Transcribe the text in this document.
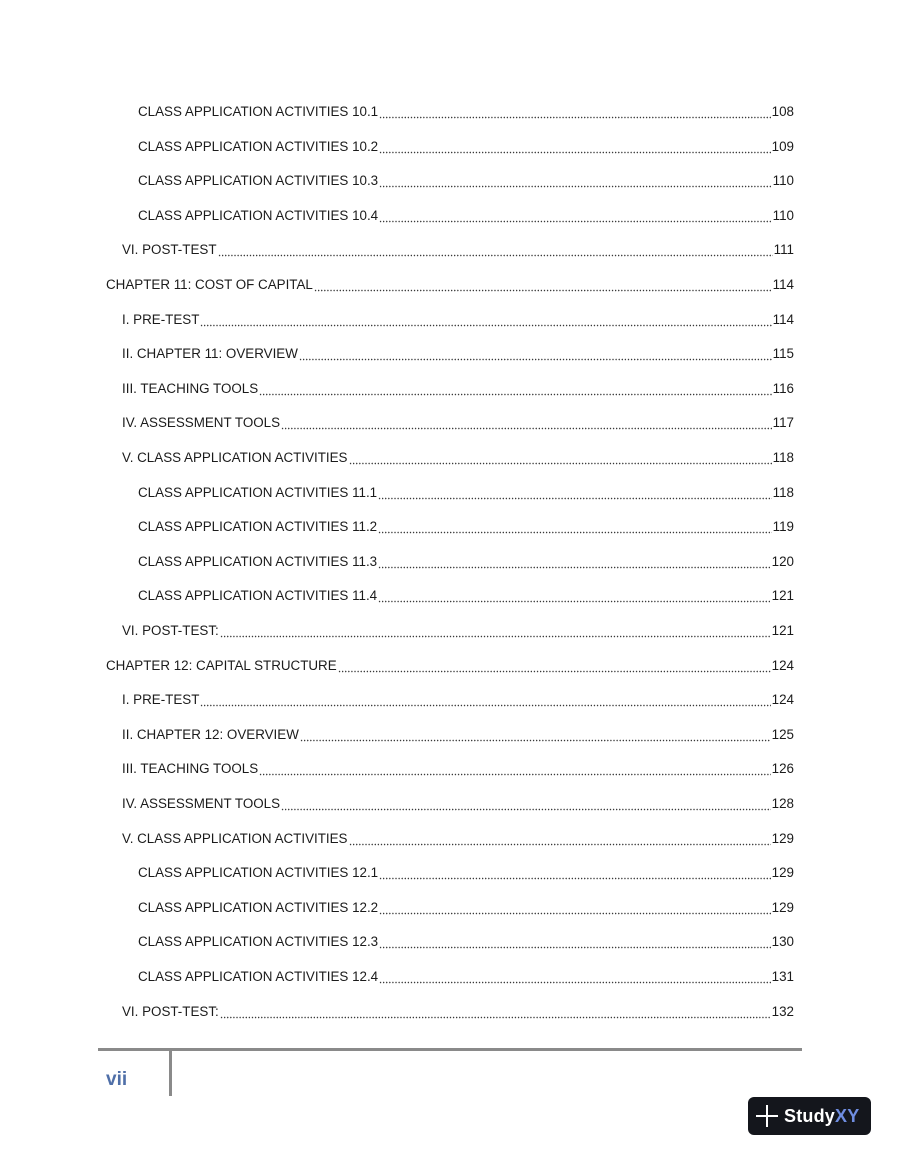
CLASS APPLICATION ACTIVITIES 10.1	108
CLASS APPLICATION ACTIVITIES 10.2	109
CLASS APPLICATION ACTIVITIES 10.3	110
CLASS APPLICATION ACTIVITIES 10.4	110
VI. POST-TEST	111
CHAPTER 11: COST OF CAPITAL	114
I. PRE-TEST	114
II. CHAPTER 11: OVERVIEW	115
III. TEACHING TOOLS	116
IV. ASSESSMENT TOOLS	117
V. CLASS APPLICATION ACTIVITIES	118
CLASS APPLICATION ACTIVITIES 11.1	118
CLASS APPLICATION ACTIVITIES 11.2	119
CLASS APPLICATION ACTIVITIES 11.3	120
CLASS APPLICATION ACTIVITIES 11.4	121
VI. POST-TEST:	121
CHAPTER 12: CAPITAL STRUCTURE	124
I. PRE-TEST	124
II. CHAPTER 12: OVERVIEW	125
III. TEACHING TOOLS	126
IV. ASSESSMENT TOOLS	128
V. CLASS APPLICATION ACTIVITIES	129
CLASS APPLICATION ACTIVITIES 12.1	129
CLASS APPLICATION ACTIVITIES 12.2	129
CLASS APPLICATION ACTIVITIES 12.3	130
CLASS APPLICATION ACTIVITIES 12.4	131
VI. POST-TEST:	132
vii
StudyXY
